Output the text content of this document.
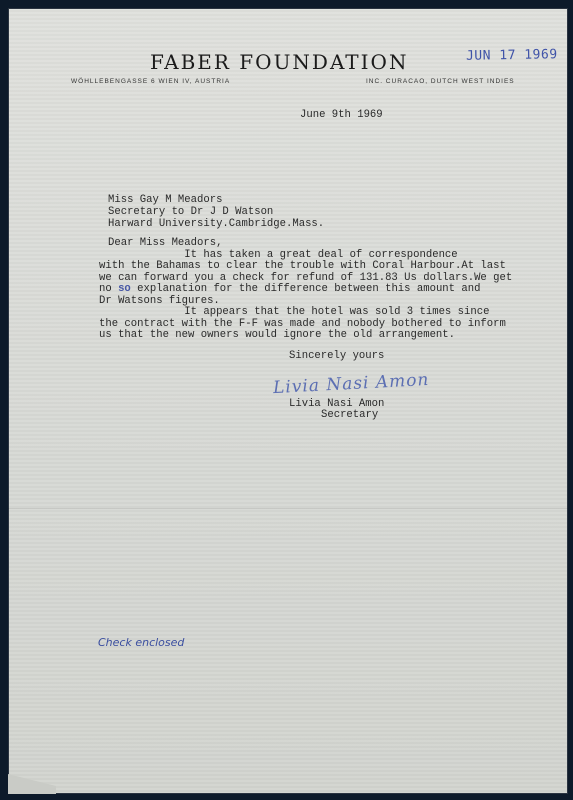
FABER FOUNDATION
WÖHLLEBENGASSE 6 WIEN IV, AUSTRIA	INC. CURACAO, DUTCH WEST INDIES
JUN 17 1969
June 9th 1969
Miss Gay M Meadors
Secretary to Dr J D Watson
Harward University.Cambridge.Mass.
Dear Miss Meadors,
It has taken a great deal of correspondence
with the Bahamas to clear the trouble with Coral Harbour.At last
we can forward you a check for refund of 131.83 Us dollars.We get
no so explanation for the difference between this amount and
Dr Watsons figures.
It appears that the hotel was sold 3 times since
the contract with the F-F was made and nobody bothered to inform
us that the new owners would ignore the old arrangement.
Sincerely yours
Livia Nasi Amon
Livia Nasi Amon
Secretary
Check enclosed
